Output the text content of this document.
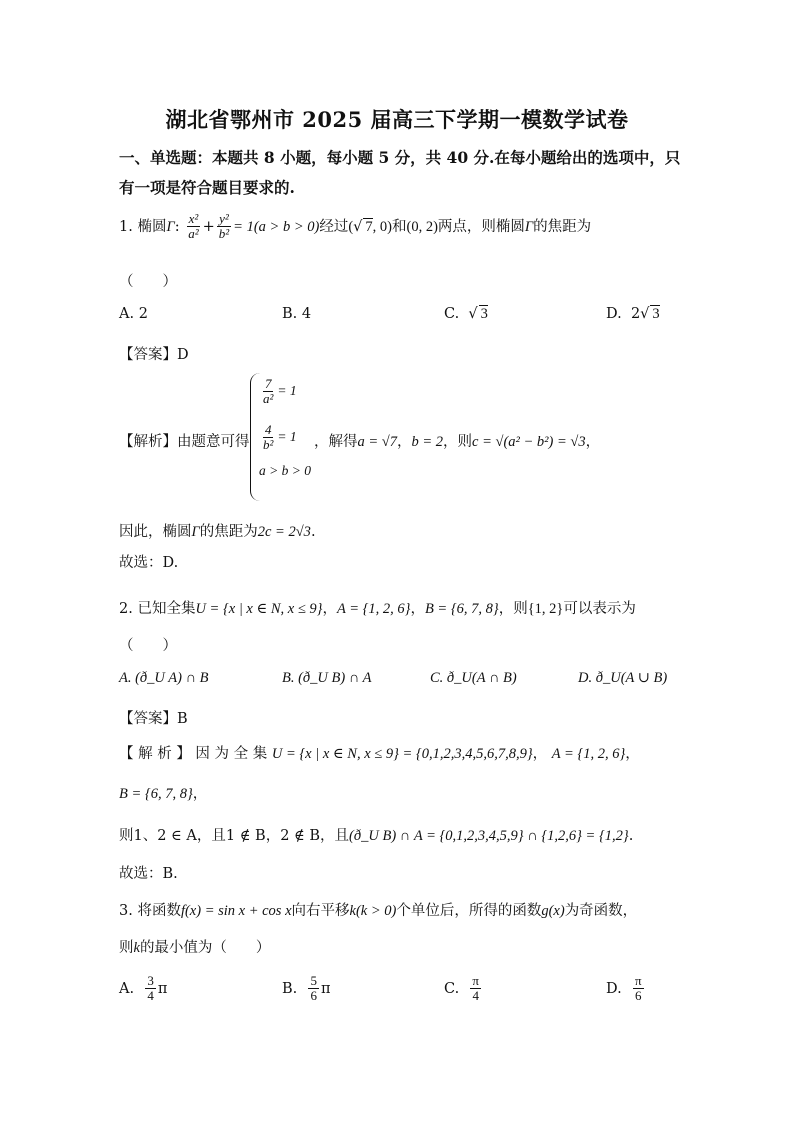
湖北省鄂州市 2025 届高三下学期一模数学试卷
一、单选题：本题共 8 小题，每小题 5 分，共 40 分.在每小题给出的选项中，只
有一项是符合题目要求的.
1. 椭圆Γ: $\frac{\text{x²}}{\text{a²}} + \frac{\text{y²}}{\text{b²}} = 1(a > b > 0)$经过(√ 7, 0)和(0, 2)两点，则椭圆Γ的焦距为
（　　）
A. 2	B. 4	C.  √ 3	D. 2√ 3
【答案】D
【解析】由题意可得
$\frac{7}{\text{a²}} = 1$
$\frac{4}{\text{b²}} = 1$
a > b > 0
，解得a = √7，b = 2，则c = √(a² − b²) = √3，
因此，椭圆Γ的焦距为2c = 2√3.
故选：D.
2. 已知全集U = {x | x ∈ N, x ≤ 9}，A = {1, 2, 6}，B = {6, 7, 8}，则{1, 2}可以表示为
（　　）
A. (ð_U A) ∩ B	B. (ð_U B) ∩ A	C. ð_U(A ∩ B)	D. ð_U(A ∪ B)
【答案】B
【 解 析 】 因 为 全 集 U = {x | x ∈ N, x ≤ 9} = {0,1,2,3,4,5,6,7,8,9}， A = {1, 2, 6}，
B = {6, 7, 8}，
则1、2 ∈ A，且1 ∉ B，2 ∉ B，且(ð_U B) ∩ A = {0,1,2,3,4,5,9} ∩ {1,2,6} = {1,2}.
故选：B.
3. 将函数f(x) = sin x + cos x向右平移k(k > 0)个单位后，所得的函数g(x)为奇函数，
则k的最小值为（　　）
A. $\frac{3}{4}$ π	B. $\frac{5}{6}$ π	C. $\frac{\pi}{4}$	D. $\frac{\pi}{6}$
